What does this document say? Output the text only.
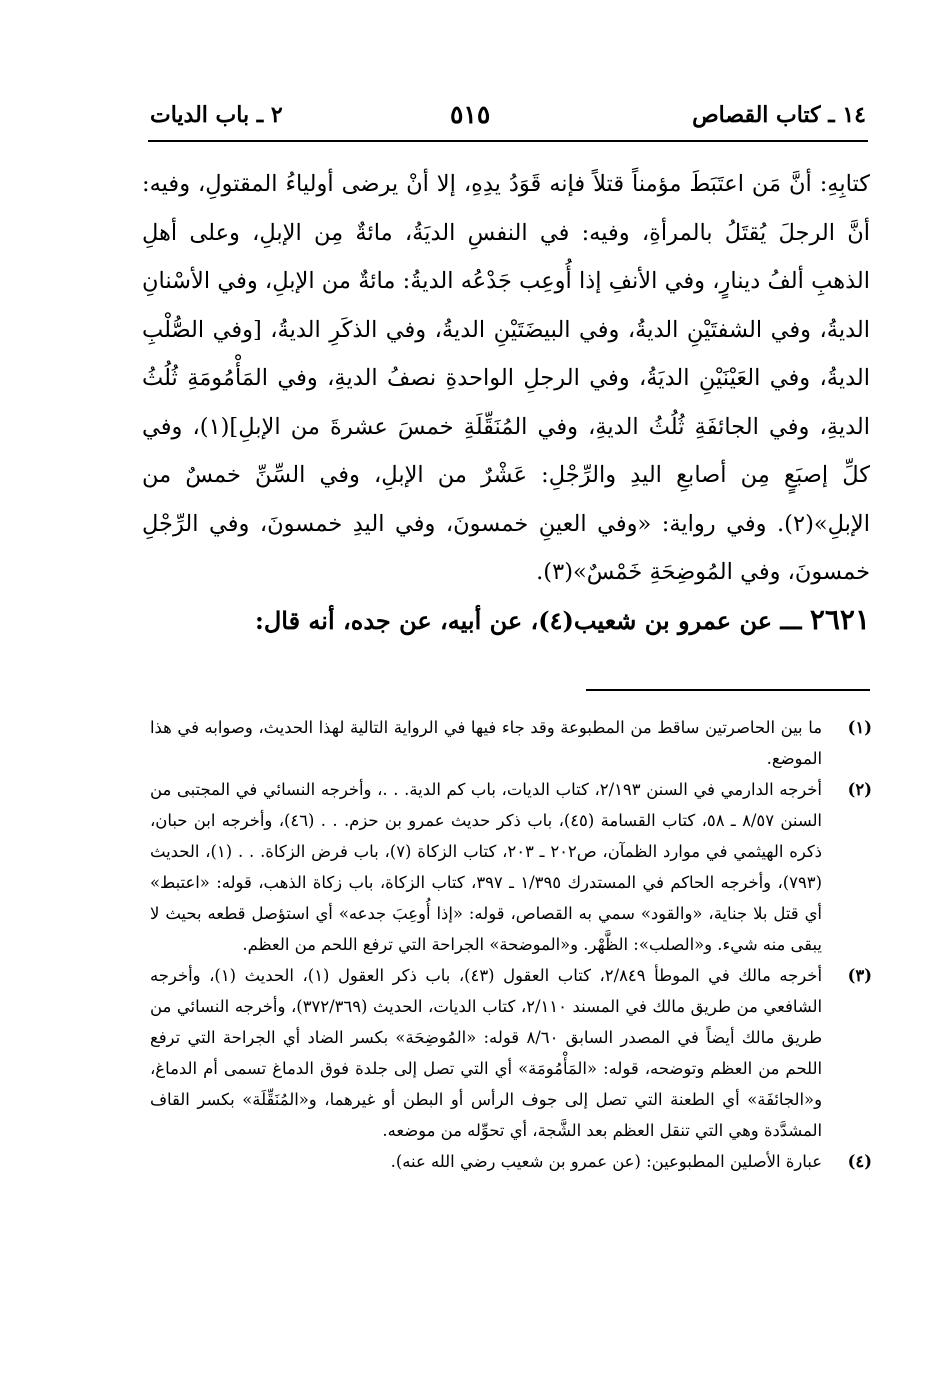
١٤ ـ كتاب القصاص
٥١٥
٢ ـ باب الديات

كتابِهِ: أنَّ مَن اعتَبَطَ مؤمناً قتلاً فإنه قَوَدُ يدِهِ، إلا أنْ يرضى أولياءُ المقتولِ، وفيه: أنَّ الرجلَ يُقتَلُ بالمرأةِ، وفيه: في النفسِ الديَةُ، مائةٌ مِن الإبلِ، وعلى أهلِ الذهبِ ألفُ دينارٍ، وفي الأنفِ إذا أُوعِب جَدْعُه الديةُ: مائةٌ من الإبلِ، وفي الأسْنانِ الديةُ، وفي الشفتَيْنِ الديةُ، وفي البيضَتَيْنِ الديةُ، وفي الذكَرِ الديةُ، [وفي الصُّلْبِ الديةُ، وفي العَيْنَيْنِ الديَةُ، وفي الرجلِ الواحدةِ نصفُ الديةِ، وفي المَأْمُومَةِ ثُلُثُ الديةِ، وفي الجائفَةِ ثُلُثُ الديةِ، وفي المُنَقِّلَةِ خمسَ عشرةَ من الإبلِ](١)، وفي كلِّ إصبَعٍ مِن أصابعِ اليدِ والرِّجْلِ: عَشْرٌ من الإبلِ، وفي السِّنِّ خمسٌ من الإبلِ»(٢). وفي رواية: «وفي العينِ خمسونَ، وفي اليدِ خمسونَ، وفي الرِّجْلِ خمسونَ، وفي المُوضِحَةِ خَمْسٌ»(٣).

٢٦٢١ ـــ عن عمرو بن شعيب(٤)، عن أبيه، عن جده، أنه قال:

(١)
ما بين الحاصرتين ساقط من المطبوعة وقد جاء فيها في الرواية التالية لهذا الحديث، وصوابه في هذا الموضع.

(٢)
أخرجه الدارمي في السنن ٢/١٩٣، كتاب الديات، باب كم الدية. . .، وأخرجه النسائي في المجتبى من السنن ٨/٥٧ ـ ٥٨، كتاب القسامة (٤٥)، باب ذكر حديث عمرو بن حزم. . . (٤٦)، وأخرجه ابن حبان، ذكره الهيثمي في موارد الظمآن، ص٢٠٢ ـ ٢٠٣، كتاب الزكاة (٧)، باب فرض الزكاة. . . (١)، الحديث (٧٩٣)، وأخرجه الحاكم في المستدرك ١/٣٩٥ ـ ٣٩٧، كتاب الزكاة، باب زكاة الذهب، قوله: «اعتبط» أي قتل بلا جناية، «والقود» سمي به القصاص، قوله: «إذا أُوعِبَ جدعه» أي استؤصل قطعه بحيث لا يبقى منه شيء. و«الصلب»: الظَّهْر. و«الموضحة» الجراحة التي ترفع اللحم من العظم.

(٣)
أخرجه مالك في الموطأ ٢/٨٤٩، كتاب العقول (٤٣)، باب ذكر العقول (١)، الحديث (١)، وأخرجه الشافعي من طريق مالك في المسند ٢/١١٠، كتاب الديات، الحديث (٣٧٢/٣٦٩)، وأخرجه النسائي من طريق مالك أيضاً في المصدر السابق ٨/٦٠ قوله: «المُوضِحَة» بكسر الضاد أي الجراحة التي ترفع اللحم من العظم وتوضحه، قوله: «المَأْمُومَة» أي التي تصل إلى جلدة فوق الدماغ تسمى أم الدماغ، و«الجائفَة» أي الطعنة التي تصل إلى جوف الرأس أو البطن أو غيرهما، و«المُنَقِّلَة» بكسر القاف المشدَّدة وهي التي تنقل العظم بعد الشَّجة، أي تحوِّله من موضعه.

(٤)
عبارة الأصلين المطبوعين: (عن عمرو بن شعيب رضي الله عنه).
